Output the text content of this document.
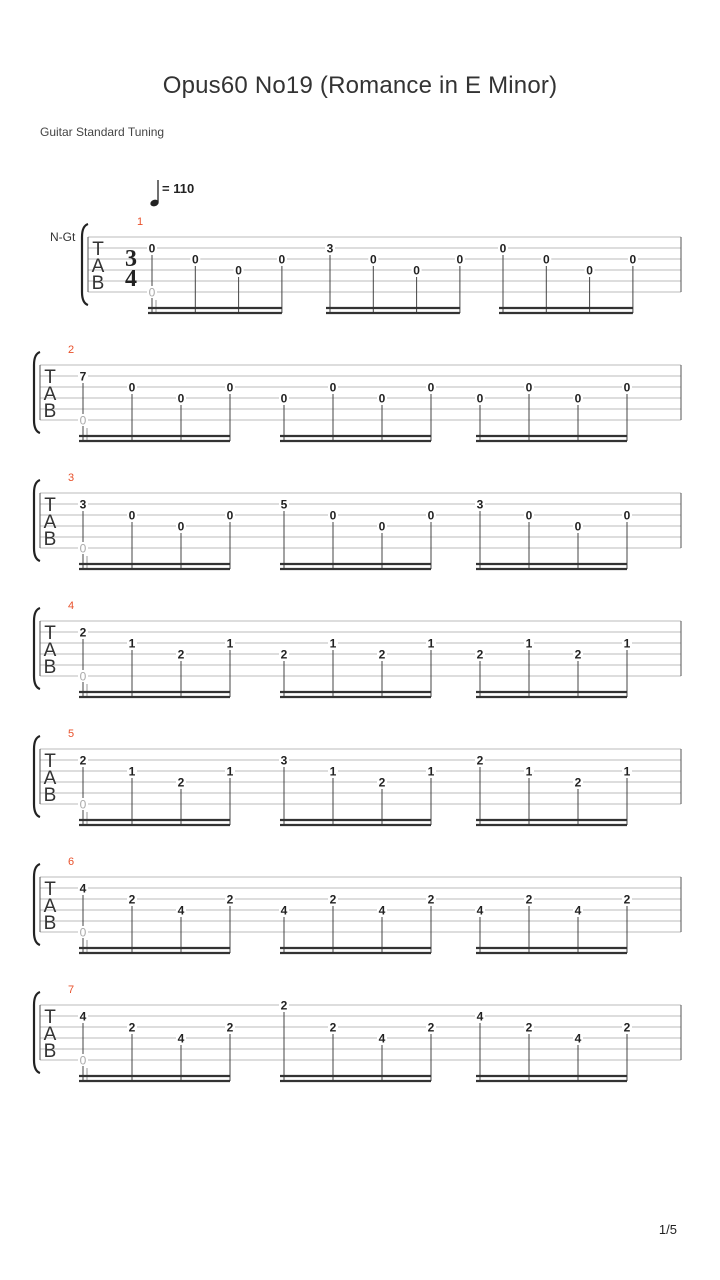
Opus60 No19 (Romance in E Minor)
Guitar Standard Tuning
= 110
N-Gt
T
A
B
3
4
1
0
0
0
0
0
3
0
0
0
0
0
0
0
T
A
B
2
7
0
0
0
0
0
0
0
0
0
0
0
0
T
A
B
3
3
0
0
0
0
5
0
0
0
3
0
0
0
T
A
B
4
2
1
2
1
0
2
1
2
1
2
1
2
1
T
A
B
5
2
1
2
1
0
3
1
2
1
2
1
2
1
T
A
B
6
4
2
4
2
0
4
2
4
2
4
2
4
2
T
A
B
7
4
2
4
2
0
2
2
4
2
4
2
4
2
1/5
